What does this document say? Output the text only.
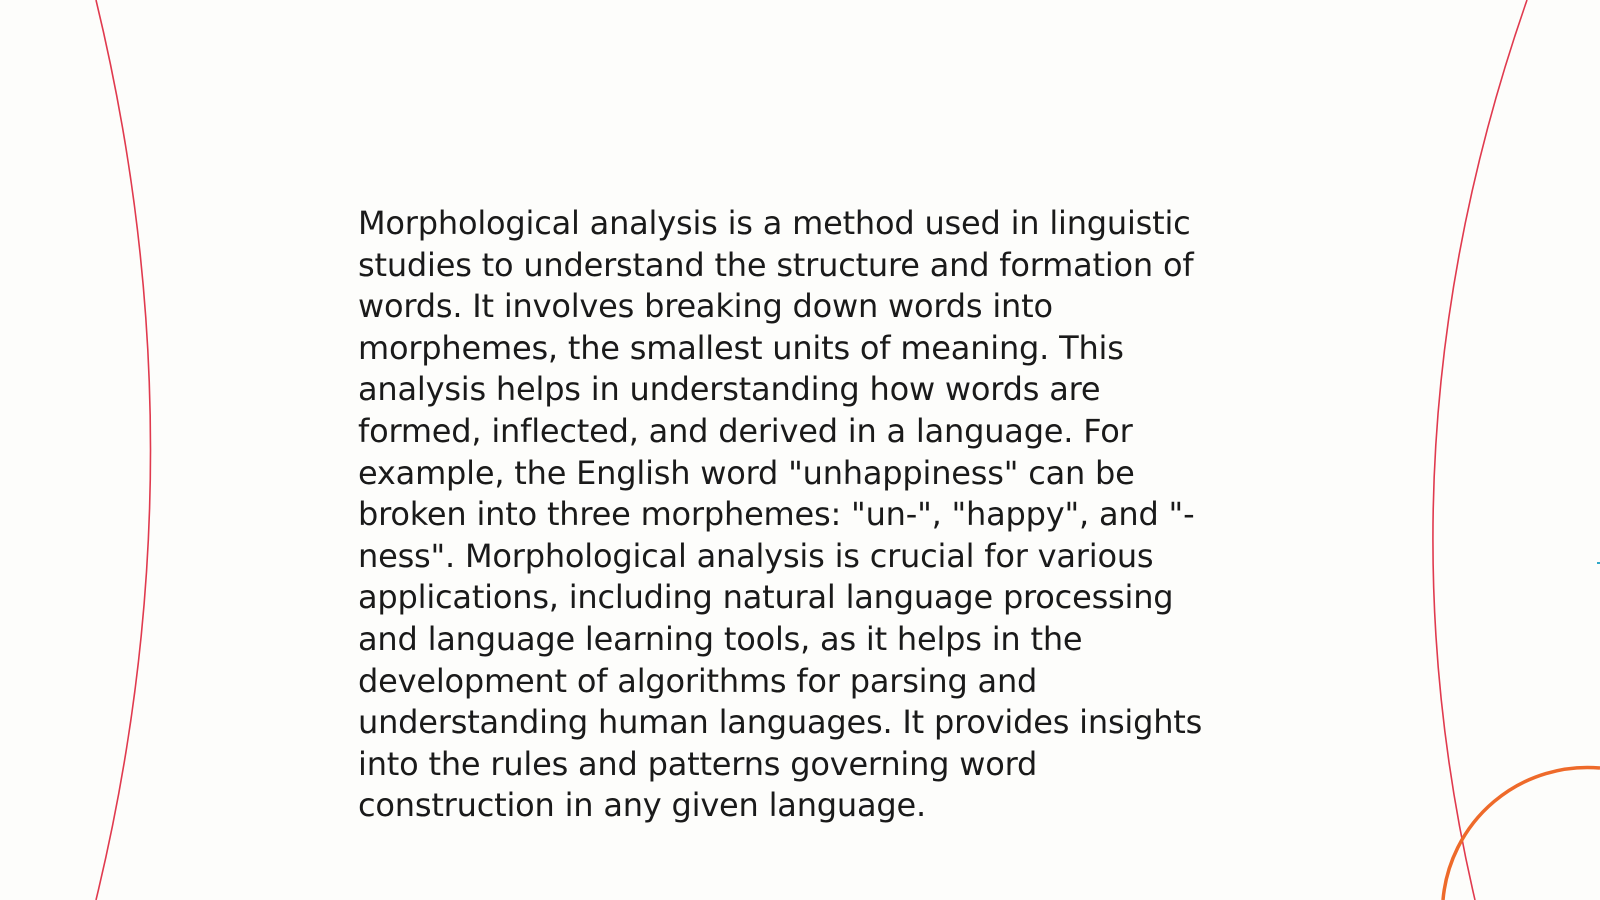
Morphological analysis is a method used in linguistic
studies to understand the structure and formation of
words. It involves breaking down words into
morphemes, the smallest units of meaning. This
analysis helps in understanding how words are
formed, inflected, and derived in a language. For
example, the English word "unhappiness" can be
broken into three morphemes: "un-", "happy", and "-
ness". Morphological analysis is crucial for various
applications, including natural language processing
and language learning tools, as it helps in the
development of algorithms for parsing and
understanding human languages. It provides insights
into the rules and patterns governing word
construction in any given language.
